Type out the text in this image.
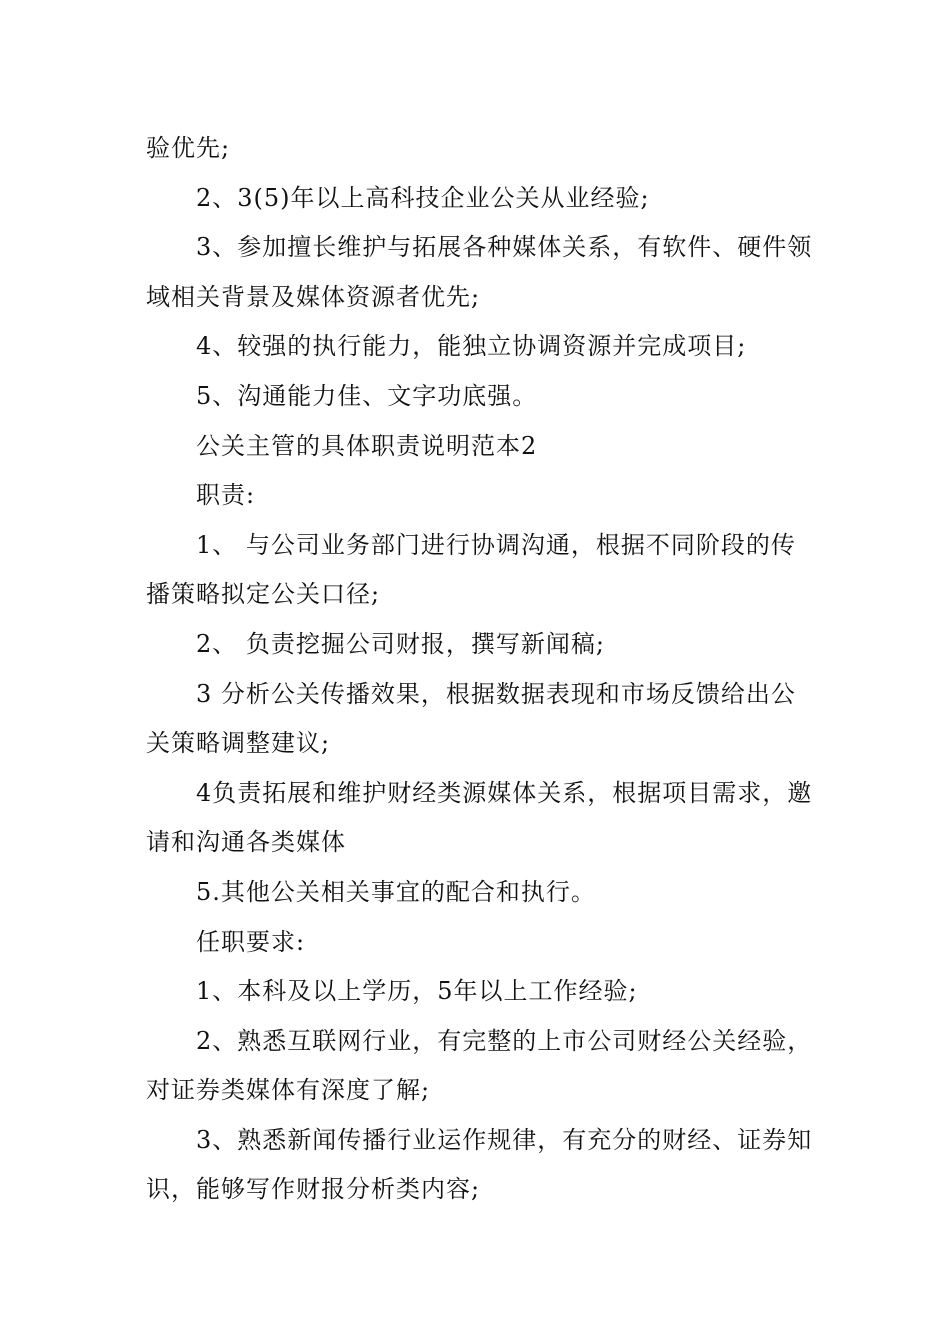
验优先;

2、3(5)年以上高科技企业公关从业经验;

3、参加擅长维护与拓展各种媒体关系，有软件、硬件领域相关背景及媒体资源者优先;

4、较强的执行能力，能独立协调资源并完成项目;

5、沟通能力佳、文字功底强。

公关主管的具体职责说明范本2

职责:

1、 与公司业务部门进行协调沟通，根据不同阶段的传播策略拟定公关口径;

2、 负责挖掘公司财报，撰写新闻稿;

3 分析公关传播效果，根据数据表现和市场反馈给出公关策略调整建议;

4负责拓展和维护财经类源媒体关系，根据项目需求，邀请和沟通各类媒体

5.其他公关相关事宜的配合和执行。

任职要求:

1、本科及以上学历，5年以上工作经验;

2、熟悉互联网行业，有完整的上市公司财经公关经验，对证券类媒体有深度了解;

3、熟悉新闻传播行业运作规律，有充分的财经、证券知识，能够写作财报分析类内容;
